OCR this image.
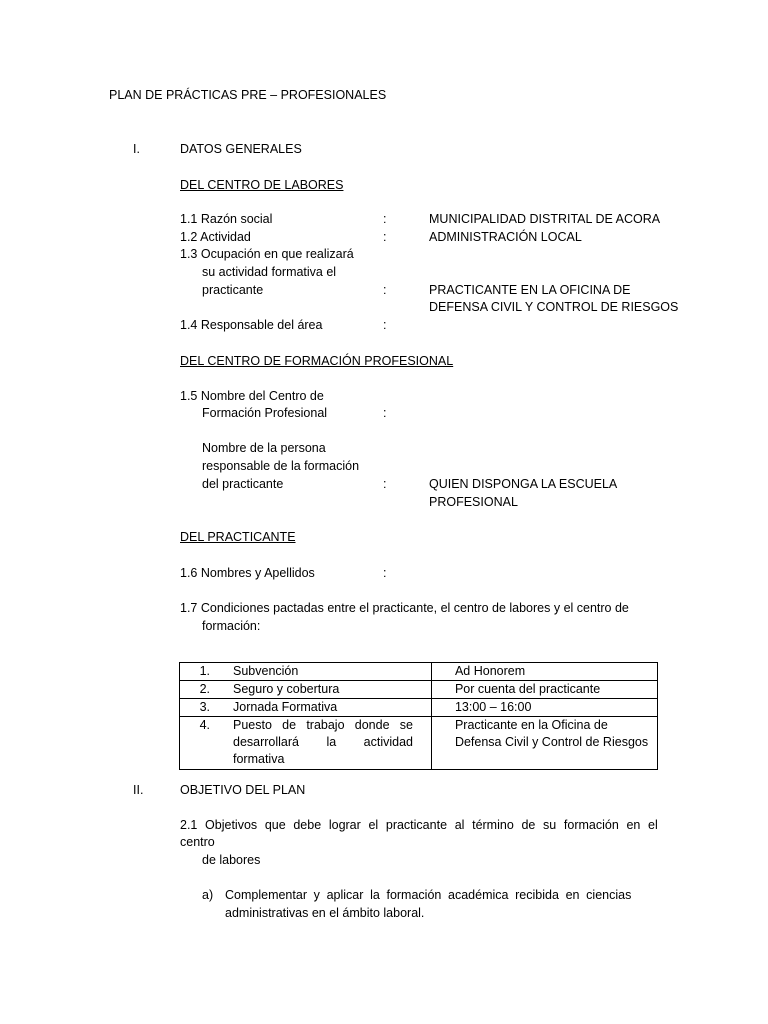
PLAN DE PRÁCTICAS PRE – PROFESIONALES
I.	DATOS GENERALES
DEL CENTRO DE LABORES
1.1 Razón social	:	MUNICIPALIDAD DISTRITAL DE ACORA
1.2 Actividad	:	ADMINISTRACIÓN LOCAL
1.3 Ocupación en que realizará
su actividad formativa el
practicante	:	PRACTICANTE EN LA OFICINA DE
DEFENSA CIVIL Y CONTROL DE RIESGOS
1.4 Responsable del área	:
DEL CENTRO DE FORMACIÓN PROFESIONAL
1.5 Nombre del Centro de
Formación Profesional	:
Nombre de la persona
responsable de la formación
del practicante	:	QUIEN DISPONGA LA ESCUELA
PROFESIONAL
DEL PRACTICANTE
1.6 Nombres y Apellidos	:
1.7 Condiciones pactadas entre el practicante, el centro de labores y el centro de
formación:
1. Subvención	Ad Honorem
2. Seguro y cobertura	Por cuenta del practicante
3. Jornada Formativa	13:00 – 16:00
4. Puesto de trabajo donde se desarrollará la actividad formativa	Practicante en la Oficina de Defensa Civil y Control de Riesgos
II.	OBJETIVO DEL PLAN
2.1 Objetivos que debe lograr el practicante al término de su formación en el
centro
de labores
a) Complementar y aplicar la formación académica recibida en ciencias
administrativas en el ámbito laboral.
